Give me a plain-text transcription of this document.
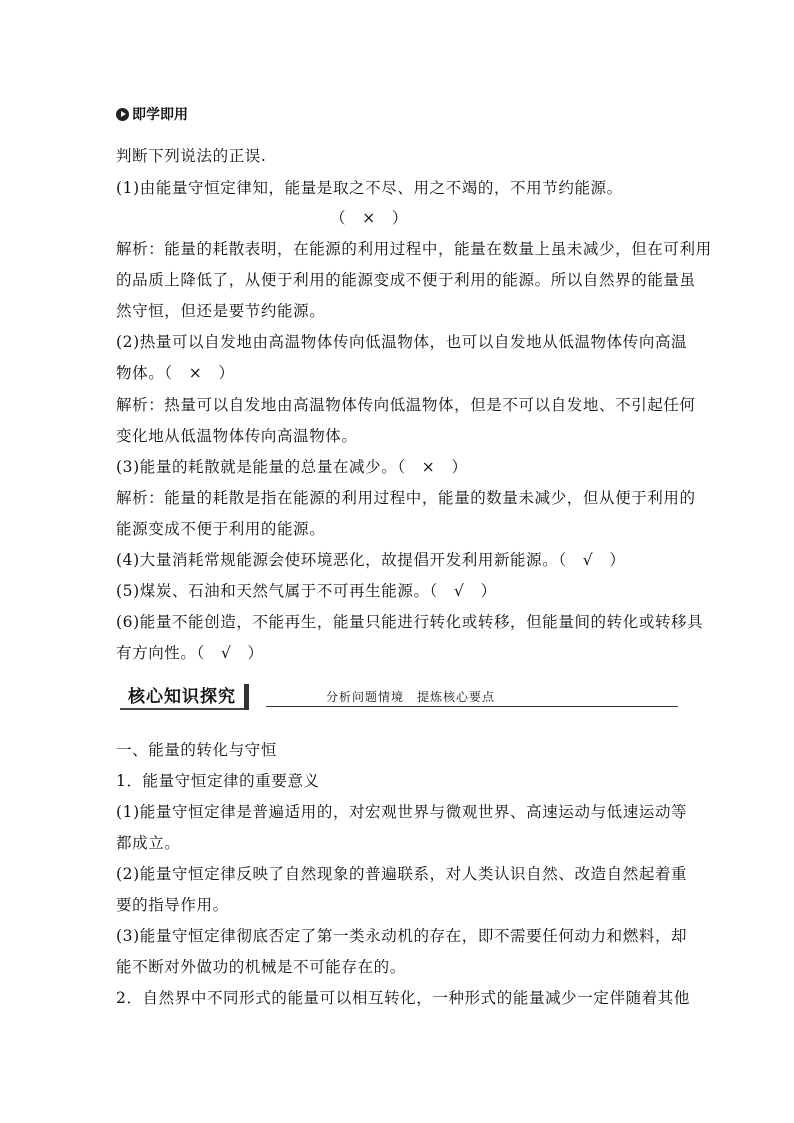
即学即用
判断下列说法的正误.
(1)由能量守恒定律知，能量是取之不尽、用之不竭的，不用节约能源。
（　×　）
解析：能量的耗散表明，在能源的利用过程中，能量在数量上虽未减少，但在可利用
的品质上降低了，从便于利用的能源变成不便于利用的能源。所以自然界的能量虽
然守恒，但还是要节约能源。
(2)热量可以自发地由高温物体传向低温物体，也可以自发地从低温物体传向高温
物体。（　×　）
解析：热量可以自发地由高温物体传向低温物体，但是不可以自发地、不引起任何
变化地从低温物体传向高温物体。
(3)能量的耗散就是能量的总量在减少。（　×　）
解析：能量的耗散是指在能源的利用过程中，能量的数量未减少，但从便于利用的
能源变成不便于利用的能源。
(4)大量消耗常规能源会使环境恶化，故提倡开发利用新能源。（　√　）
(5)煤炭、石油和天然气属于不可再生能源。（　√　）
(6)能量不能创造，不能再生，能量只能进行转化或转移，但能量间的转化或转移具
有方向性。（　√　）
核心知识探究	分析问题情境　提炼核心要点
一、能量的转化与守恒
1．能量守恒定律的重要意义
(1)能量守恒定律是普遍适用的，对宏观世界与微观世界、高速运动与低速运动等
都成立。
(2)能量守恒定律反映了自然现象的普遍联系，对人类认识自然、改造自然起着重
要的指导作用。
(3)能量守恒定律彻底否定了第一类永动机的存在，即不需要任何动力和燃料，却
能不断对外做功的机械是不可能存在的。
2．自然界中不同形式的能量可以相互转化，一种形式的能量减少一定伴随着其他
